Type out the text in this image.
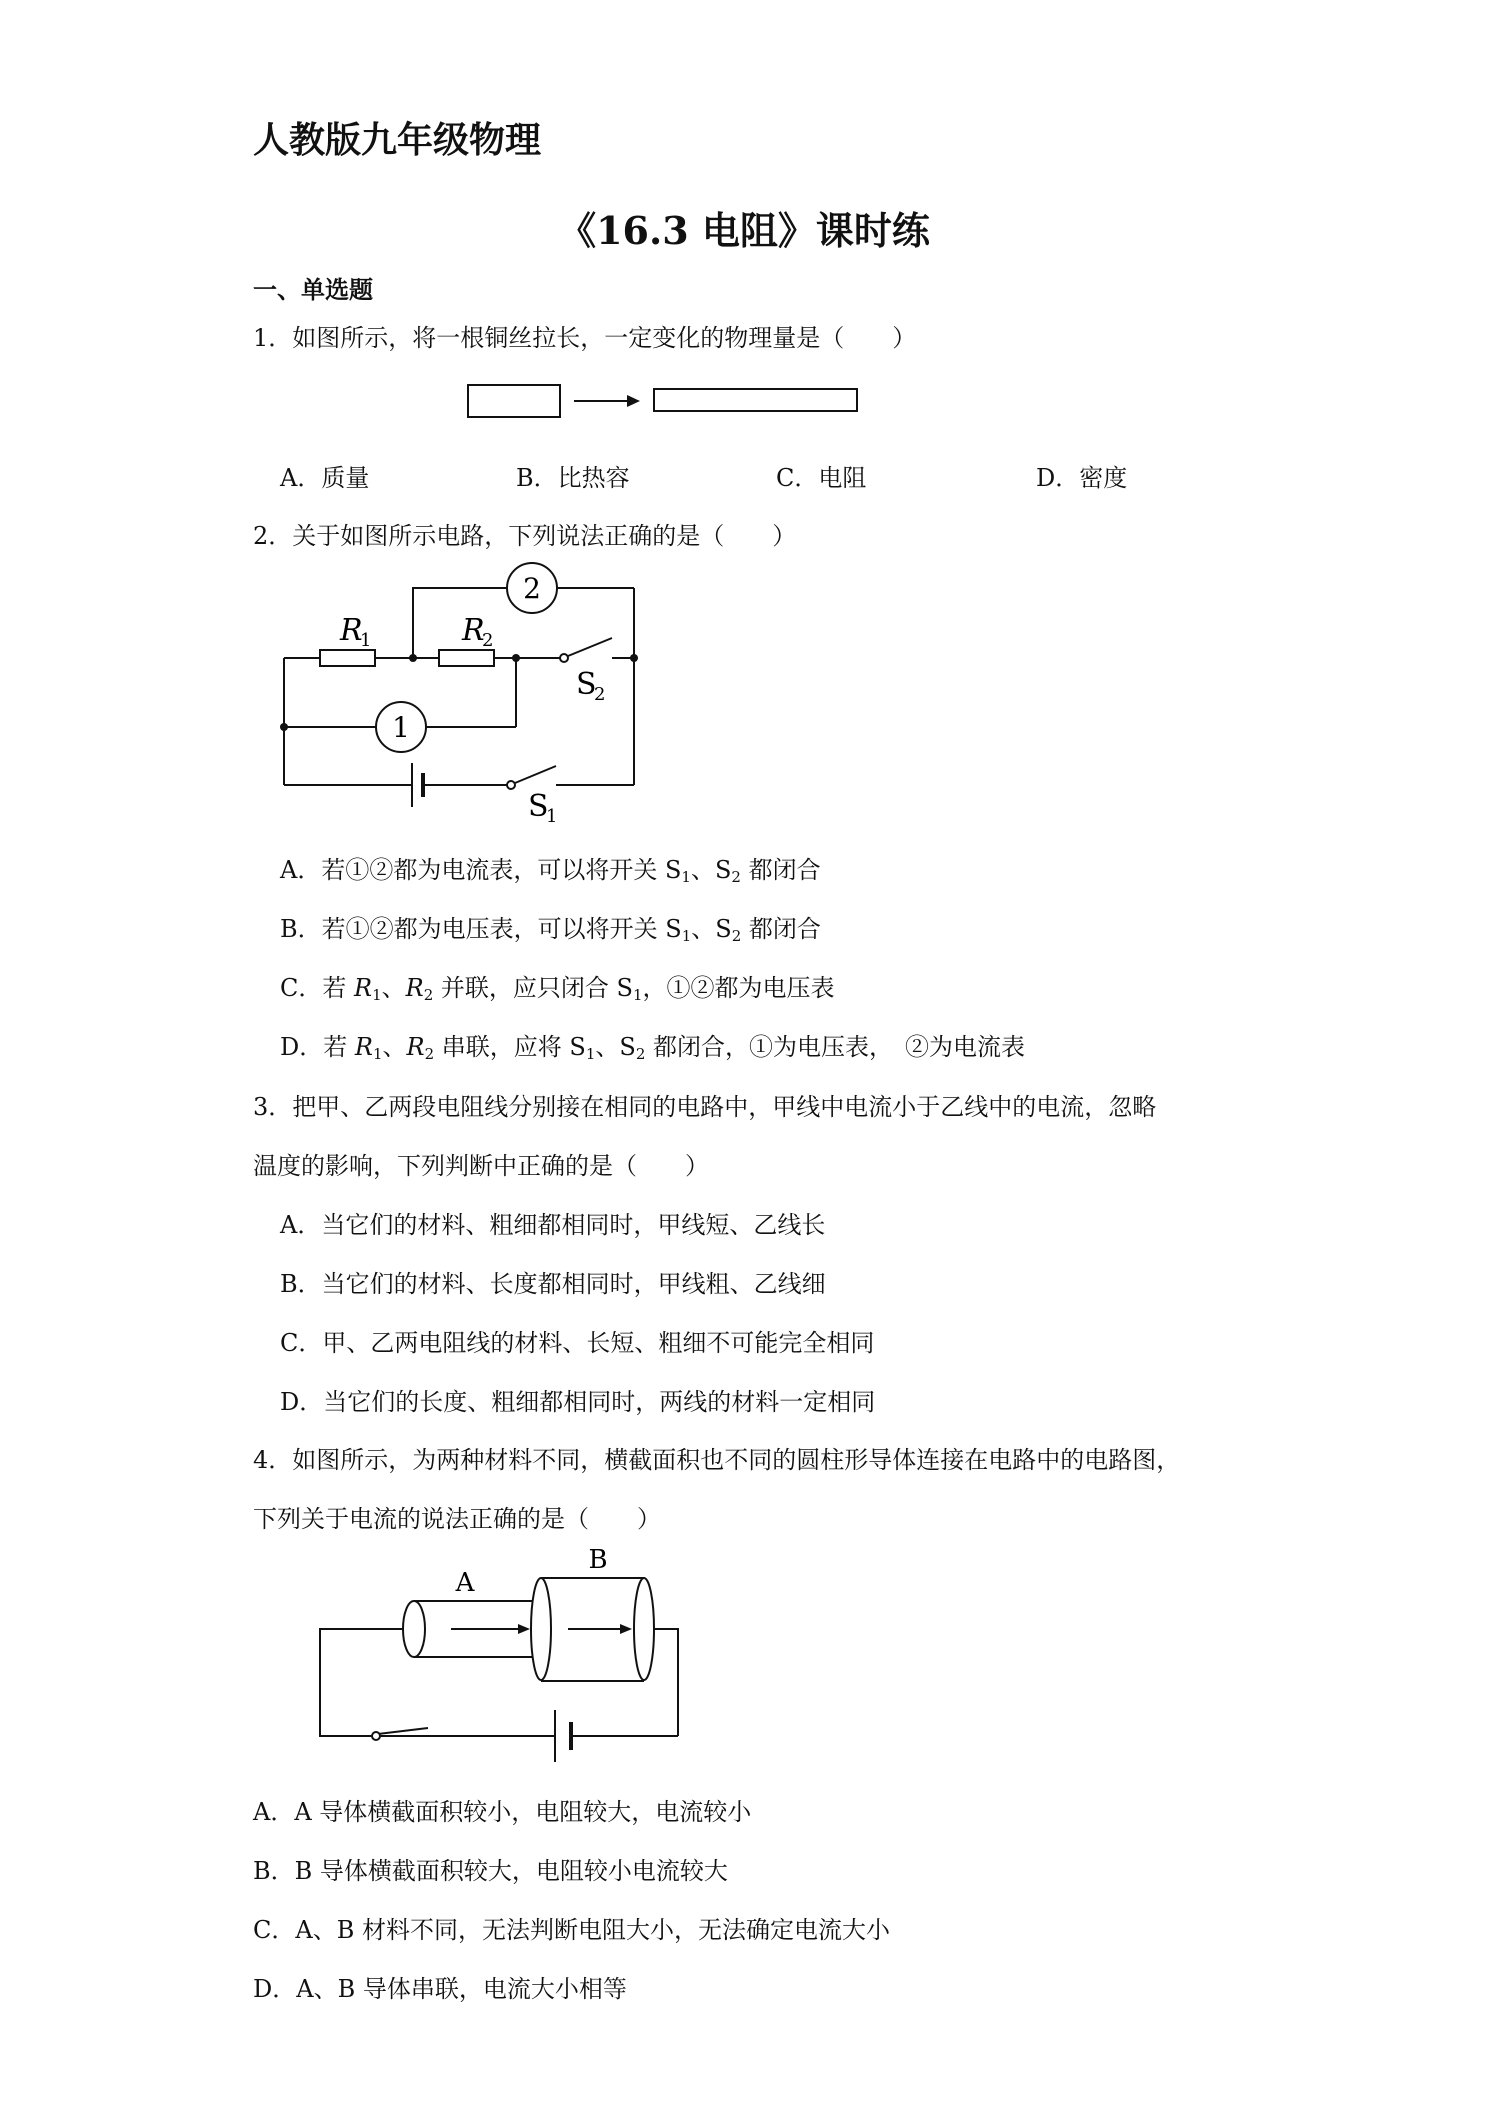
人教版九年级物理
《16.3 电阻》课时练
一、单选题
1．如图所示，将一根铜丝拉长，一定变化的物理量是（　　）
A．质量	B．比热容	C．电阻	D．密度
2．关于如图所示电路，下列说法正确的是（　　）
2
1
R
1	R
2
S
2
S
1
A．若①②都为电流表，可以将开关 $S_1$、$S_2$ 都闭合
B．若①②都为电压表，可以将开关 $S_1$、$S_2$ 都闭合
C．若 $R_1$、$R_2$ 并联，应只闭合 $S_1$，①②都为电压表
D．若 $R_1$、$R_2$ 串联，应将 $S_1$、$S_2$ 都闭合，①为电压表，　②为电流表
3．把甲、乙两段电阻线分别接在相同的电路中，甲线中电流小于乙线中的电流，忽略
温度的影响，下列判断中正确的是（　　）
A．当它们的材料、粗细都相同时，甲线短、乙线长
B．当它们的材料、长度都相同时，甲线粗、乙线细
C．甲、乙两电阻线的材料、长短、粗细不可能完全相同
D．当它们的长度、粗细都相同时，两线的材料一定相同
4．如图所示，为两种材料不同，横截面积也不同的圆柱形导体连接在电路中的电路图，
下列关于电流的说法正确的是（　　）
A
B
A．A 导体横截面积较小，电阻较大，电流较小
B．B 导体横截面积较大，电阻较小电流较大
C．A、B 材料不同，无法判断电阻大小，无法确定电流大小
D．A、B 导体串联，电流大小相等
